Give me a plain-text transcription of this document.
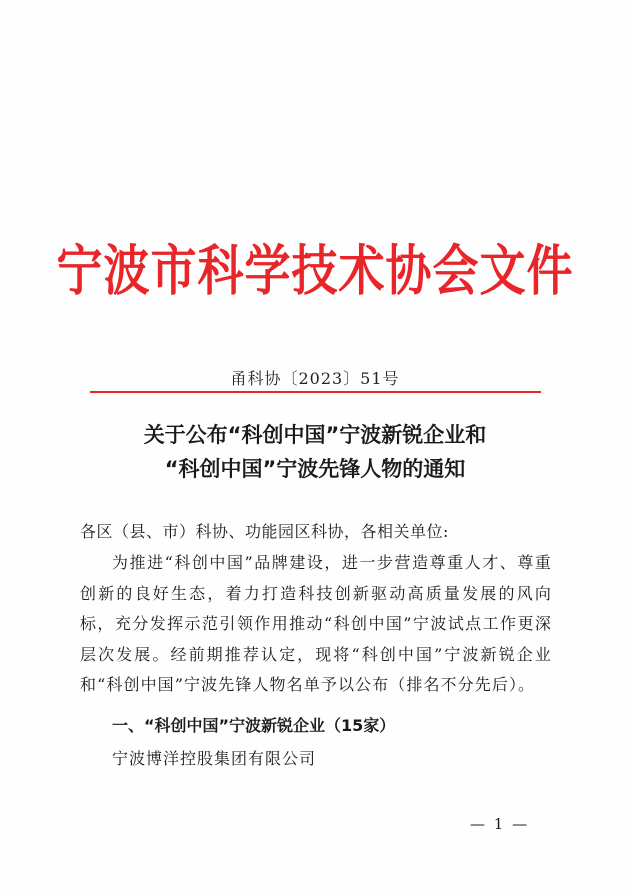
宁波市科学技术协会文件
甬科协〔2023〕51号
关于公布“科创中国”宁波新锐企业和
“科创中国”宁波先锋人物的通知
各区（县、市）科协、功能园区科协，各相关单位:
为推进“科创中国”品牌建设，进一步营造尊重人才、尊重创新的良好生态，着力打造科技创新驱动高质量发展的风向标，充分发挥示范引领作用推动“科创中国”宁波试点工作更深层次发展。经前期推荐认定，现将“科创中国”宁波新锐企业和“科创中国”宁波先锋人物名单予以公布（排名不分先后）。
一、“科创中国”宁波新锐企业（15家）
宁波博洋控股集团有限公司
— 1 —
